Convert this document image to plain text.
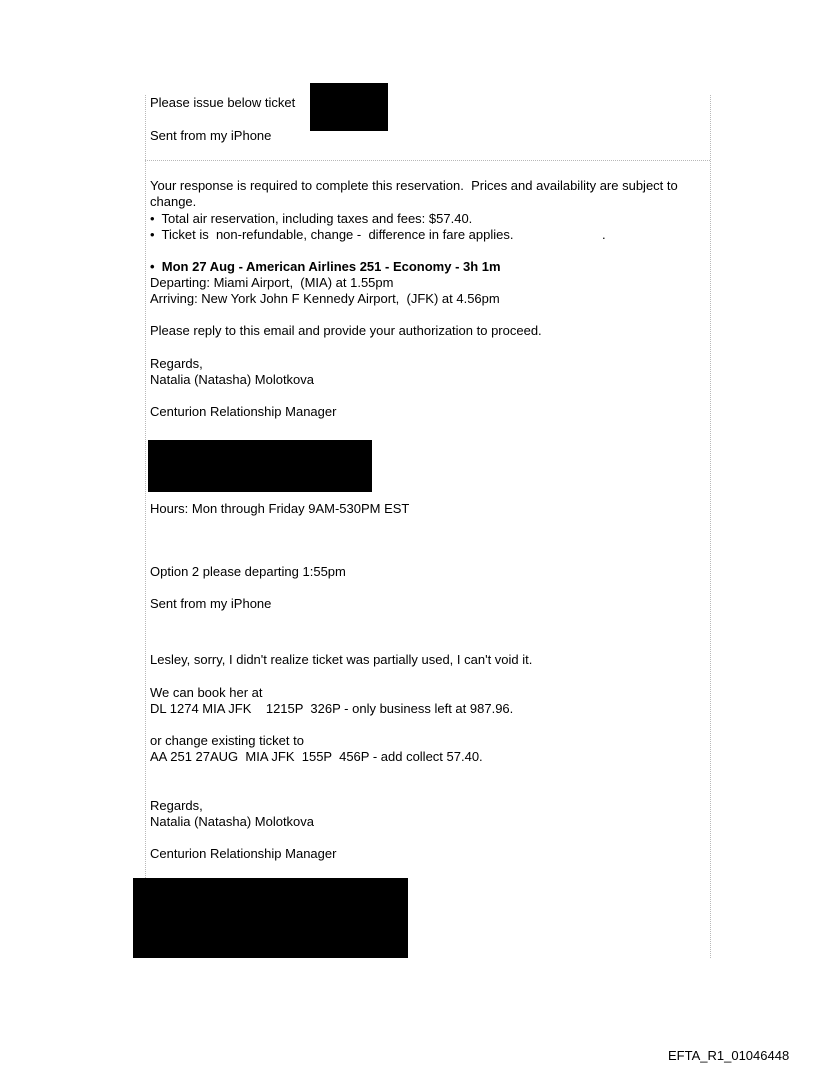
Please issue below ticket
Sent from my iPhone
Your response is required to complete this reservation.  Prices and availability are subject to change.
•  Total air reservation, including taxes and fees: $57.40.
•  Ticket is  non-refundable, change -  difference in fare applies.	.
•  Mon 27 Aug - American Airlines 251 - Economy - 3h 1m
Departing: Miami Airport,  (MIA) at 1.55pm
Arriving: New York John F Kennedy Airport,  (JFK) at 4.56pm
Please reply to this email and provide your authorization to proceed.
Regards,
Natalia (Natasha) Molotkova
Centurion Relationship Manager
Hours: Mon through Friday 9AM-530PM EST
Option 2 please departing 1:55pm
Sent from my iPhone
Lesley, sorry, I didn't realize ticket was partially used, I can't void it.
We can book her at
DL 1274 MIA JFK    1215P  326P - only business left at 987.96.
or change existing ticket to
AA 251 27AUG  MIA JFK  155P  456P - add collect 57.40.
Regards,
Natalia (Natasha) Molotkova
Centurion Relationship Manager
EFTA_R1_01046448
